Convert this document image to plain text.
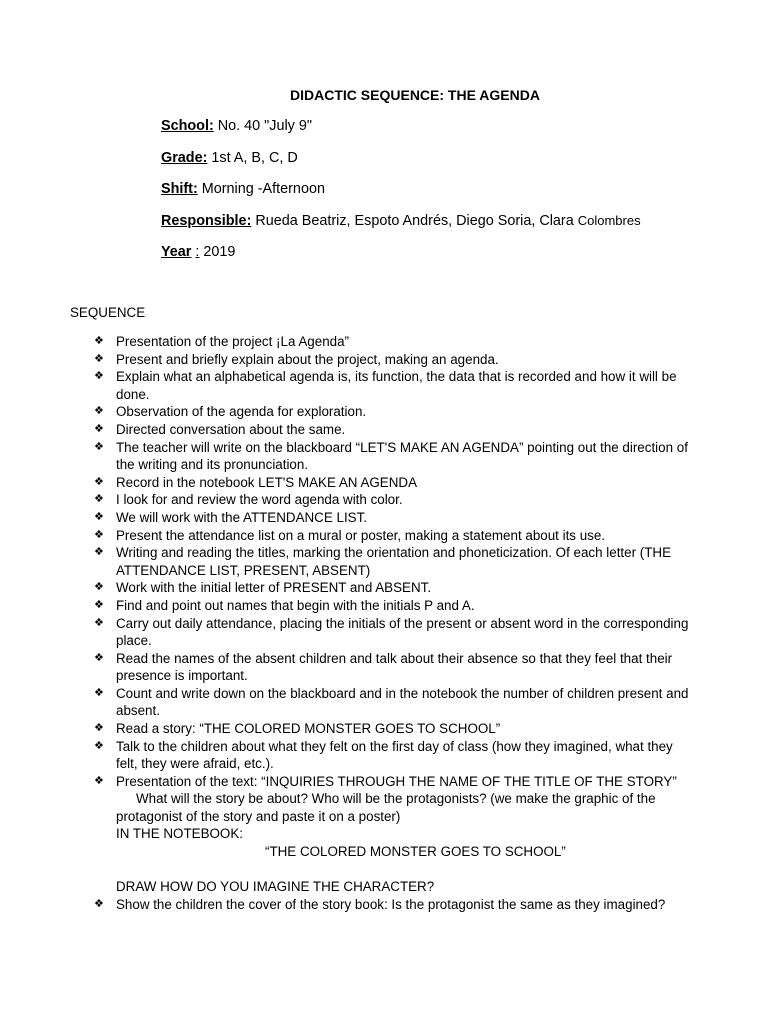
DIDACTIC SEQUENCE: THE AGENDA
School: No. 40 "July 9"
Grade: 1st A, B, C, D
Shift: Morning -Afternoon
Responsible: Rueda Beatriz, Espoto Andrés, Diego Soria, Clara Colombres
Year : 2019
SEQUENCE
❖ Presentation of the project ¡La Agenda”
❖ Present and briefly explain about the project, making an agenda.
❖ Explain what an alphabetical agenda is, its function, the data that is recorded and how it will be done.
❖ Observation of the agenda for exploration.
❖ Directed conversation about the same.
❖ The teacher will write on the blackboard “LET'S MAKE AN AGENDA” pointing out the direction of the writing and its pronunciation.
❖ Record in the notebook LET'S MAKE AN AGENDA
❖ I look for and review the word agenda with color.
❖ We will work with the ATTENDANCE LIST.
❖ Present the attendance list on a mural or poster, making a statement about its use.
❖ Writing and reading the titles, marking the orientation and phoneticization. Of each letter (THE ATTENDANCE LIST, PRESENT, ABSENT)
❖ Work with the initial letter of PRESENT and ABSENT.
❖ Find and point out names that begin with the initials P and A.
❖ Carry out daily attendance, placing the initials of the present or absent word in the corresponding place.
❖ Read the names of the absent children and talk about their absence so that they feel that their presence is important.
❖ Count and write down on the blackboard and in the notebook the number of children present and absent.
❖ Read a story: “THE COLORED MONSTER GOES TO SCHOOL”
❖ Talk to the children about what they felt on the first day of class (how they imagined, what they felt, they were afraid, etc.).
❖ Presentation of the text: “INQUIRIES THROUGH THE NAME OF THE TITLE OF THE STORY”
What will the story be about? Who will be the protagonists? (we make the graphic of the
protagonist of the story and paste it on a poster)
IN THE NOTEBOOK:
“THE COLORED MONSTER GOES TO SCHOOL”
DRAW HOW DO YOU IMAGINE THE CHARACTER?
❖ Show the children the cover of the story book: Is the protagonist the same as they imagined?
